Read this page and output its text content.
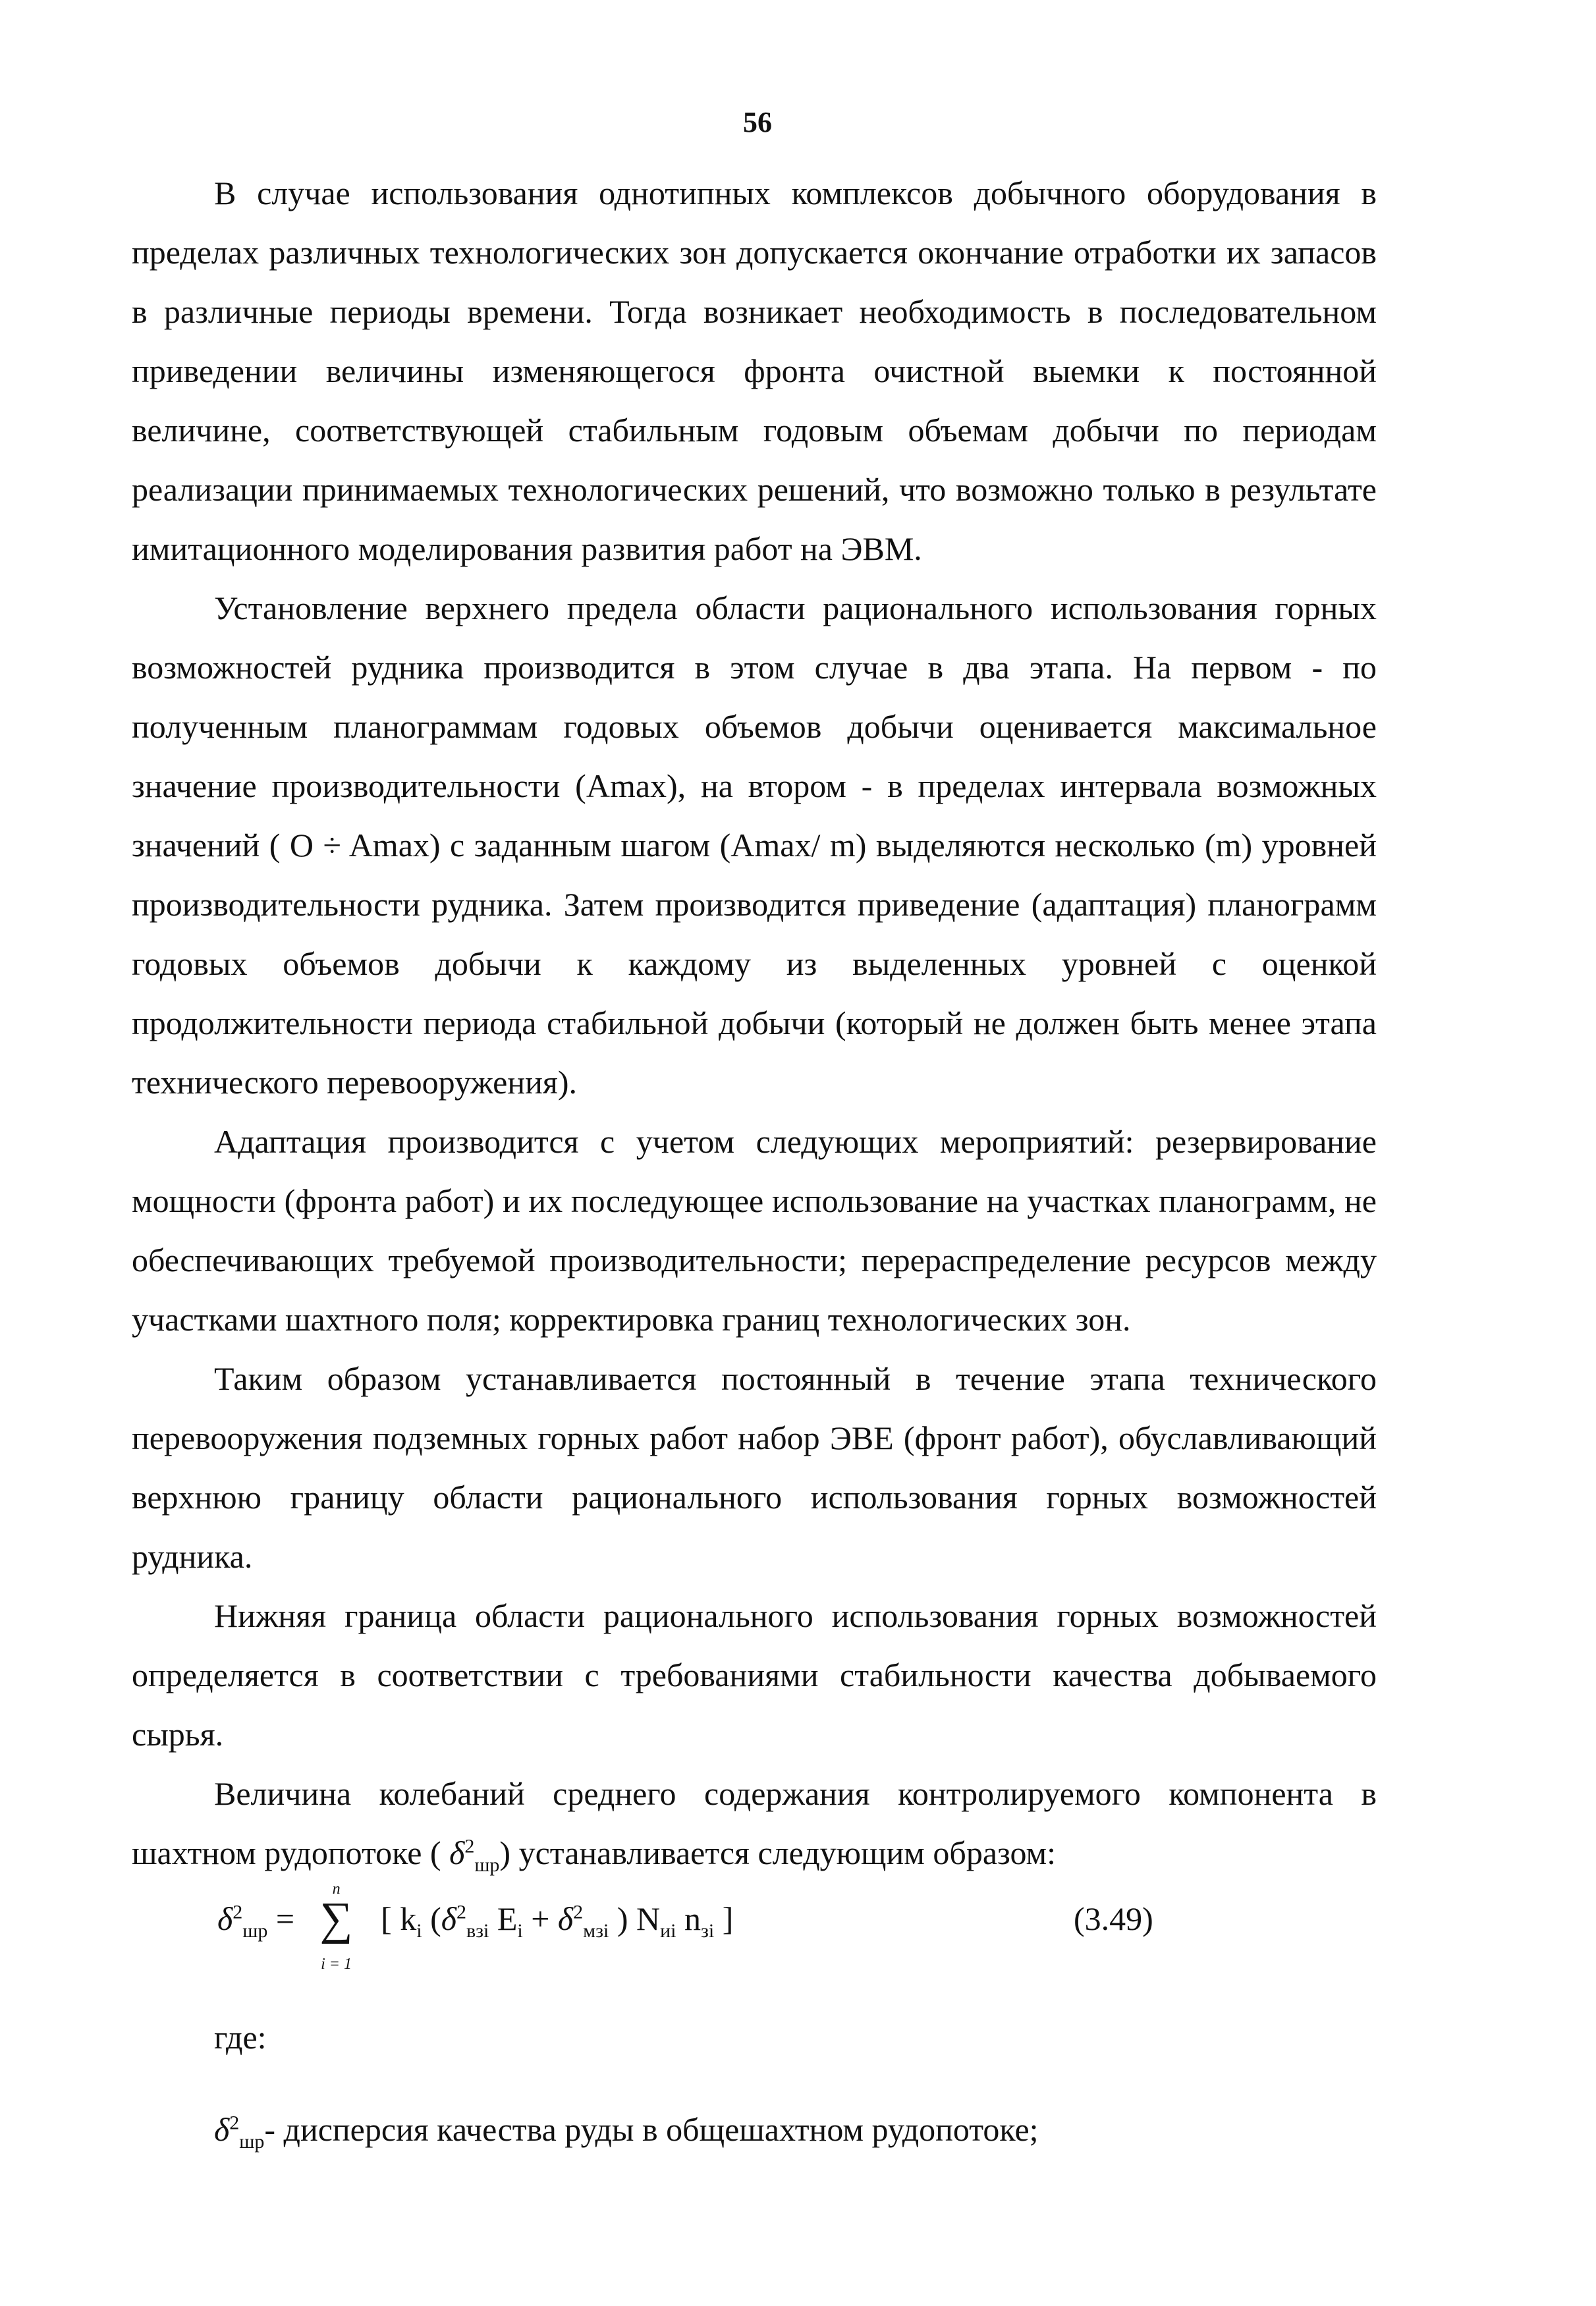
56

В случае использования однотипных комплексов добычного оборудования в пределах различных технологических зон допускается окончание отработки их запасов в различные периоды времени. Тогда возникает необходимость в последовательном приведении величины изменяющегося фронта очистной выемки к постоянной величине, соответствующей стабильным годовым объемам добычи по периодам реализации принимаемых технологических решений, что возможно только в результате имитационного моделирования развития работ на ЭВМ.

Установление верхнего предела области рационального использования горных возможностей рудника производится в этом случае в два этапа. На первом - по полученным планограммам годовых объемов добычи оценивается максимальное значение производительности (Amax), на втором - в пределах интервала возможных значений ( O ÷ Amax) с заданным шагом (Amax/ m) выделяются несколько (m) уровней производительности рудника. Затем производится приведение (адаптация) планограмм годовых объемов добычи к каждому из выделенных уровней с оценкой продолжительности периода стабильной добычи (который не должен быть менее этапа технического перевооружения).

Адаптация производится с учетом следующих мероприятий: резервирование мощности (фронта работ) и их последующее использование на участках планограмм, не обеспечивающих требуемой производительности; перераспределение ресурсов между участками шахтного поля; корректировка границ технологических зон.

Таким образом устанавливается постоянный в течение этапа технического перевооружения подземных горных работ набор ЭВЕ (фронт работ), обуславливающий верхнюю границу области рационального использования горных возможностей рудника.

Нижняя граница области рационального использования горных возможностей определяется в соответствии с требованиями стабильности качества добываемого сырья.

Величина колебаний среднего содержания контролируемого компонента в шахтном рудопотоке ( $\delta^2_{шр}$) устанавливается следующим образом:

$\delta^2_{шр}$ =
n
∑
i = 1
[ $k_i$ ($\delta^2_{взi}$ $E_i + \delta^2_{мзi}$ ) $N_{иi}$ $n_{зi}$ ]	(3.49)

где:

$\delta^2_{шр}-$ дисперсия качества руды в общешахтном рудопотоке;
